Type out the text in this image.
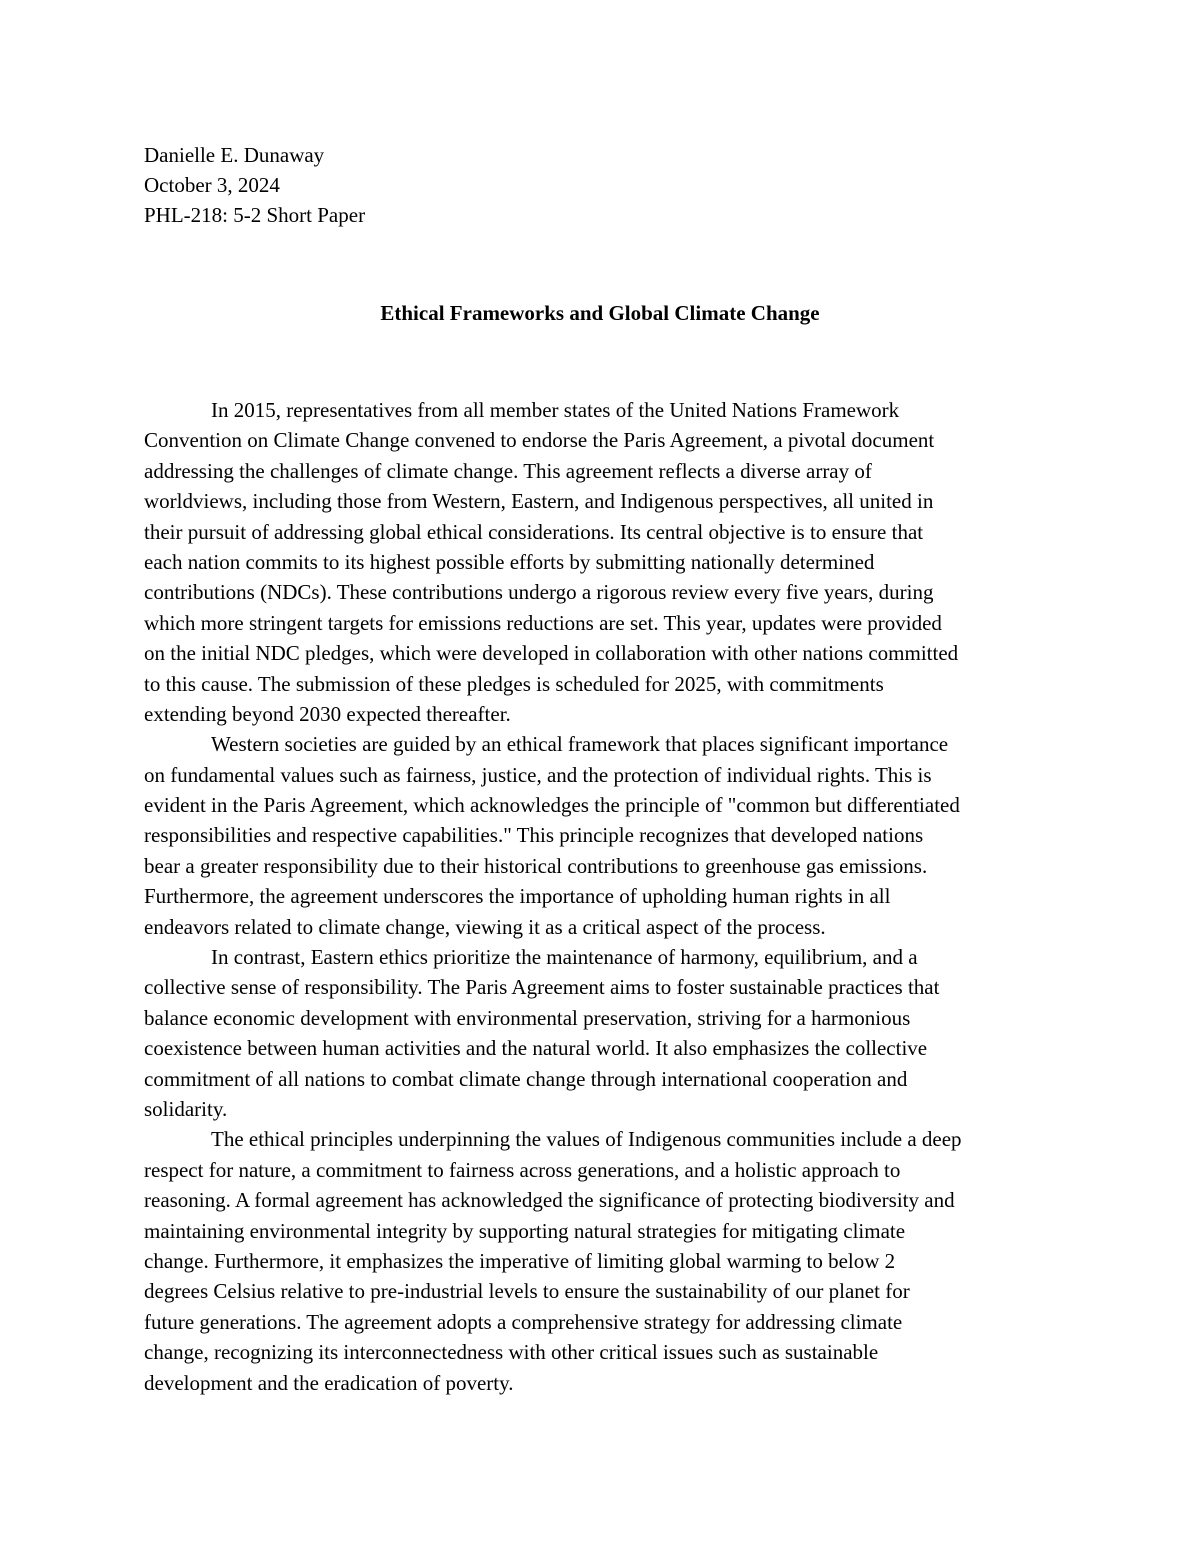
Danielle E. Dunaway
October 3, 2024
PHL-218: 5-2 Short Paper
Ethical Frameworks and Global Climate Change
In 2015, representatives from all member states of the United Nations Framework
Convention on Climate Change convened to endorse the Paris Agreement, a pivotal document
addressing the challenges of climate change. This agreement reflects a diverse array of
worldviews, including those from Western, Eastern, and Indigenous perspectives, all united in
their pursuit of addressing global ethical considerations. Its central objective is to ensure that
each nation commits to its highest possible efforts by submitting nationally determined
contributions (NDCs). These contributions undergo a rigorous review every five years, during
which more stringent targets for emissions reductions are set. This year, updates were provided
on the initial NDC pledges, which were developed in collaboration with other nations committed
to this cause. The submission of these pledges is scheduled for 2025, with commitments
extending beyond 2030 expected thereafter.
Western societies are guided by an ethical framework that places significant importance
on fundamental values such as fairness, justice, and the protection of individual rights. This is
evident in the Paris Agreement, which acknowledges the principle of "common but differentiated
responsibilities and respective capabilities." This principle recognizes that developed nations
bear a greater responsibility due to their historical contributions to greenhouse gas emissions.
Furthermore, the agreement underscores the importance of upholding human rights in all
endeavors related to climate change, viewing it as a critical aspect of the process.
In contrast, Eastern ethics prioritize the maintenance of harmony, equilibrium, and a
collective sense of responsibility. The Paris Agreement aims to foster sustainable practices that
balance economic development with environmental preservation, striving for a harmonious
coexistence between human activities and the natural world. It also emphasizes the collective
commitment of all nations to combat climate change through international cooperation and
solidarity.
The ethical principles underpinning the values of Indigenous communities include a deep
respect for nature, a commitment to fairness across generations, and a holistic approach to
reasoning. A formal agreement has acknowledged the significance of protecting biodiversity and
maintaining environmental integrity by supporting natural strategies for mitigating climate
change. Furthermore, it emphasizes the imperative of limiting global warming to below 2
degrees Celsius relative to pre-industrial levels to ensure the sustainability of our planet for
future generations. The agreement adopts a comprehensive strategy for addressing climate
change, recognizing its interconnectedness with other critical issues such as sustainable
development and the eradication of poverty.
